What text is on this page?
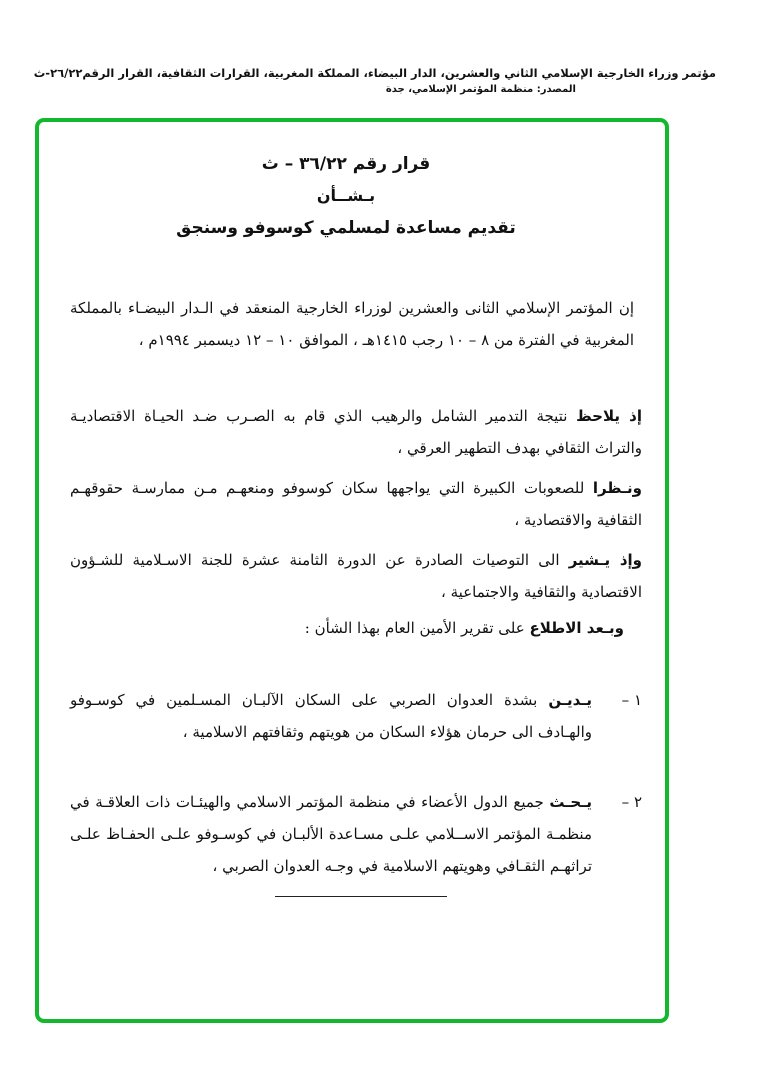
مؤتمر وزراء الخارجية الإسلامي الثاني والعشرين، الدار البيضاء، المملكة المغربية، القرارات الثقافية، القرار الرقم٢٦/٢٢-ث
المصدر: منظمة المؤتمر الإسلامي، جدة
قرار رقم ٣٦/٢٢ – ث
بـشــأن
تقديم مساعدة لمسلمي كوسوفو وسنجق
إن المؤتمر الإسلامي الثانى والعشرين لوزراء الخارجية المنعقد في الـدار البيضـاء بالمملكة المغربية في الفترة من ٨ – ١٠ رجب ١٤١٥هـ ، الموافق ١٠ – ١٢ ديسمبر ١٩٩٤م ،
إذ يلاحظ نتيجة التدمير الشامل والرهيب الذي قام به الصـرب ضـد الحيـاة الاقتصاديـة والتراث الثقافي بهدف التطهير العرقي ،
ونـظرا للصعوبات الكبيرة التي يواجهها سكان كوسوفو ومنعهـم مـن ممارسـة حقوقهـم الثقافية والاقتصادية ،
وإذ يـشير الى التوصيات الصادرة عن الدورة الثامنة عشرة للجنة الاسـلامية للشـؤون الاقتصادية والثقافية والاجتماعية ،
وبـعد الاطلاع على تقرير الأمين العام بهذا الشأن :
١ –
يـديـن بشدة العدوان الصربي على السكان الآلبـان المسـلمين في كوسـوفو والهـادف الى حرمان هؤلاء السكان من هويتهم وثقافتهم الاسلامية ،
٢ –
يـحـث جميع الدول الأعضاء في منظمة المؤتمر الاسلامي والهيئـات ذات العلاقـة في منظمـة المؤتمر الاســلامي علـى مسـاعدة الألبـان في كوسـوفو علـى الحفـاظ علـى تراثهـم الثقـافي وهويتهم الاسلامية في وجـه العدوان الصربي ،
